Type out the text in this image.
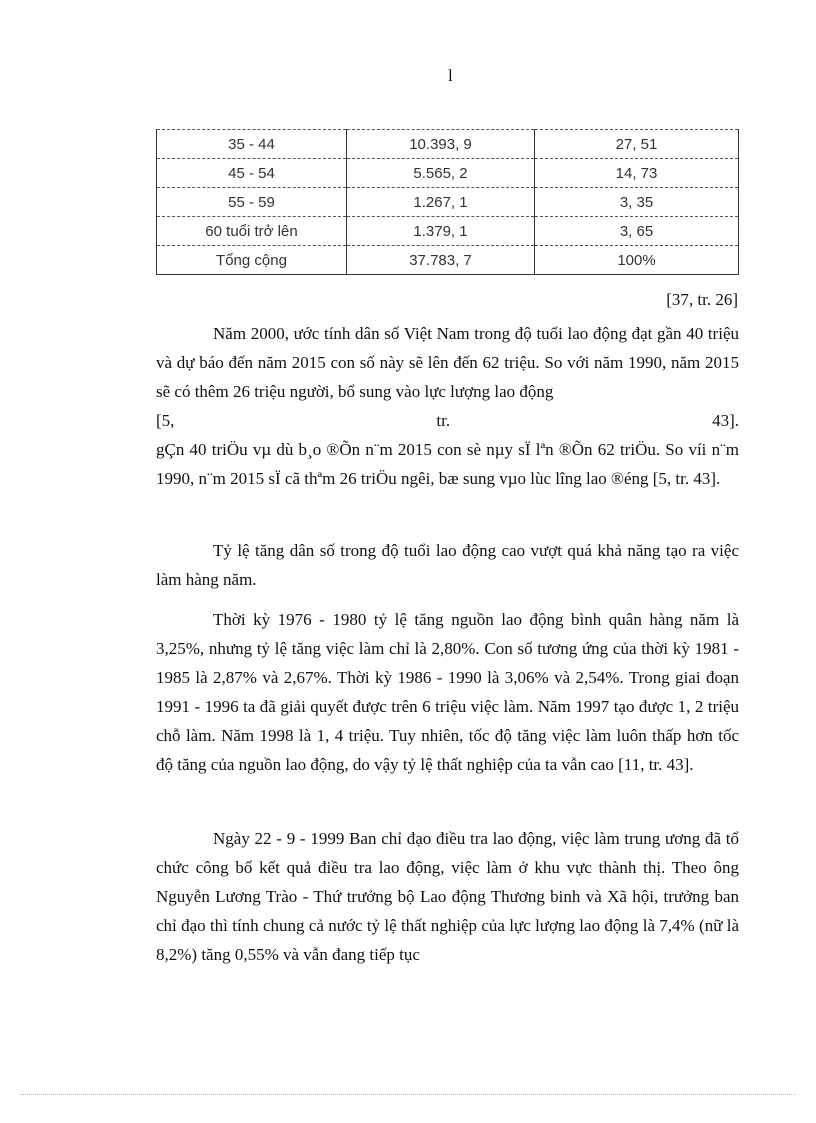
l
35 - 44	10.393, 9	27, 51
45 - 54	5.565, 2	14, 73
55 - 59	1.267, 1	3, 35
60 tuổi trở lên	1.379, 1	3, 65
Tổng cộng	37.783, 7	100%
[37, tr. 26]

Năm 2000, ước tính dân số Việt Nam trong độ tuổi lao động đạt gần 40 triệu và dự báo đến năm 2015 con số này sẽ lên đến 62 triệu. So với năm 1990, năm 2015 sẽ có thêm 26 triệu người, bổ sung vào lực lượng lao động

[5,	tr.	43].

gÇn 40 triÖu vµ dù b¸o ®Õn n¨m 2015 con sè nµy sÏ lªn ®Õn 62 triÖu. So víi n¨m 1990, n¨m 2015 sÏ cã thªm 26 triÖu ngêi, bæ sung vµo lùc lîng lao ®éng [5, tr. 43].

Tỷ lệ tăng dân số trong độ tuổi lao động cao vượt quá khả năng tạo ra việc làm hàng năm.

Thời kỳ 1976 - 1980 tỷ lệ tăng nguồn lao động bình quân hàng năm là 3,25%, nhưng tỷ lệ tăng việc làm chỉ là 2,80%. Con số tương ứng của thời kỳ 1981 - 1985 là 2,87% và 2,67%. Thời kỳ 1986 - 1990 là 3,06% và 2,54%. Trong giai đoạn 1991 - 1996 ta đã giải quyết được trên 6 triệu việc làm. Năm 1997 tạo được 1, 2 triệu chỗ làm. Năm 1998 là 1, 4 triệu. Tuy nhiên, tốc độ tăng việc làm luôn thấp hơn tốc độ tăng của nguồn lao động, do vậy tỷ lệ thất nghiệp của ta vẫn cao [11, tr. 43].

Ngày 22 - 9 - 1999 Ban chỉ đạo điều tra lao động, việc làm trung ương đã tổ chức công bố kết quả điều tra lao động, việc làm ở khu vực thành thị. Theo ông Nguyễn Lương Trào - Thứ trưởng bộ Lao động Thương binh và Xã hội, trưởng ban chỉ đạo thì tính chung cả nước tỷ lệ thất nghiệp của lực lượng lao động là 7,4% (nữ là 8,2%) tăng 0,55% và vẫn đang tiếp tục
